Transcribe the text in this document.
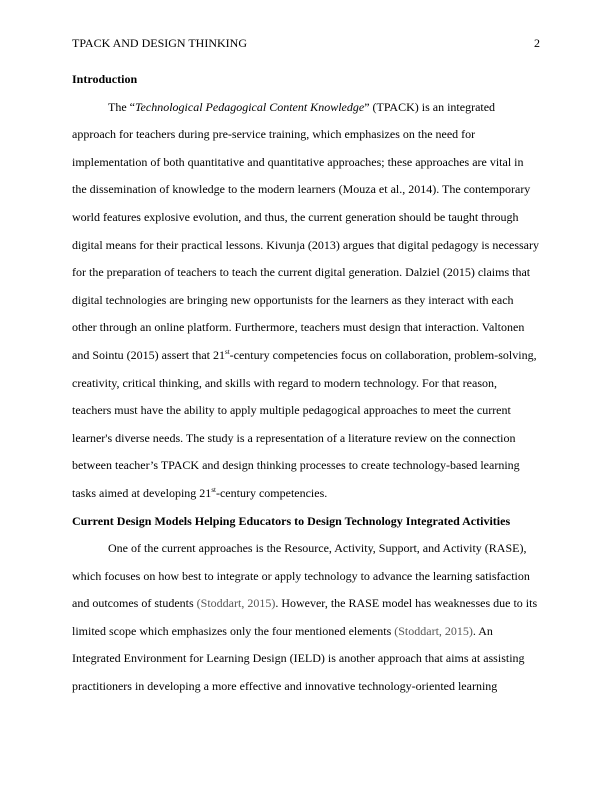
TPACK AND DESIGN THINKING	2

Introduction

The “Technological Pedagogical Content Knowledge” (TPACK) is an integrated
approach for teachers during pre-service training, which emphasizes on the need for
implementation of both quantitative and quantitative approaches; these approaches are vital in
the dissemination of knowledge to the modern learners (Mouza et al., 2014). The contemporary
world features explosive evolution, and thus, the current generation should be taught through
digital means for their practical lessons. Kivunja (2013) argues that digital pedagogy is necessary
for the preparation of teachers to teach the current digital generation. Dalziel (2015) claims that
digital technologies are bringing new opportunists for the learners as they interact with each
other through an online platform. Furthermore, teachers must design that interaction. Valtonen
and Sointu (2015) assert that 21st-century competencies focus on collaboration, problem-solving,
creativity, critical thinking, and skills with regard to modern technology. For that reason,
teachers must have the ability to apply multiple pedagogical approaches to meet the current
learner's diverse needs. The study is a representation of a literature review on the connection
between teacher’s TPACK and design thinking processes to create technology-based learning
tasks aimed at developing 21st-century competencies.

Current Design Models Helping Educators to Design Technology Integrated Activities

One of the current approaches is the Resource, Activity, Support, and Activity (RASE),
which focuses on how best to integrate or apply technology to advance the learning satisfaction
and outcomes of students (Stoddart, 2015). However, the RASE model has weaknesses due to its
limited scope which emphasizes only the four mentioned elements (Stoddart, 2015). An
Integrated Environment for Learning Design (IELD) is another approach that aims at assisting
practitioners in developing a more effective and innovative technology-oriented learning
